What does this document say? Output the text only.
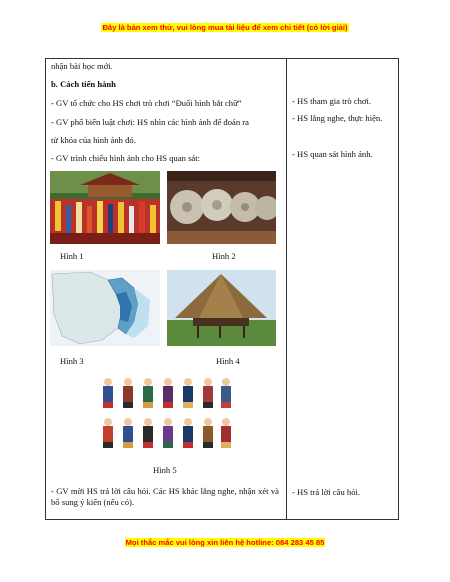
Đây là bản xem thử, vui lòng mua tài liệu để xem chi tiết (có lời giải)
nhận bài học mới.
b. Cách tiến hành
- GV tổ chức cho HS chơi trò chơi “Đuổi hình bắt chữ”
- GV phổ biến luật chơi: HS nhìn các hình ảnh để đoán ra
từ khóa của hình ảnh đó.
- GV trình chiếu hình ảnh cho HS quan sát:
Hình 1	Hình 2
Hình 3	Hình 4
Hình 5
- GV mời HS trả lời câu hỏi. Các HS khác lắng nghe, nhận xét và bổ sung ý kiến (nếu có).
- HS tham gia trò chơi.
- HS lắng nghe, thực hiện.
- HS quan sát hình ảnh.
- HS trả lời câu hỏi.
Mọi thắc mắc vui lòng xin liên hệ hotline: 084 283 45 85
